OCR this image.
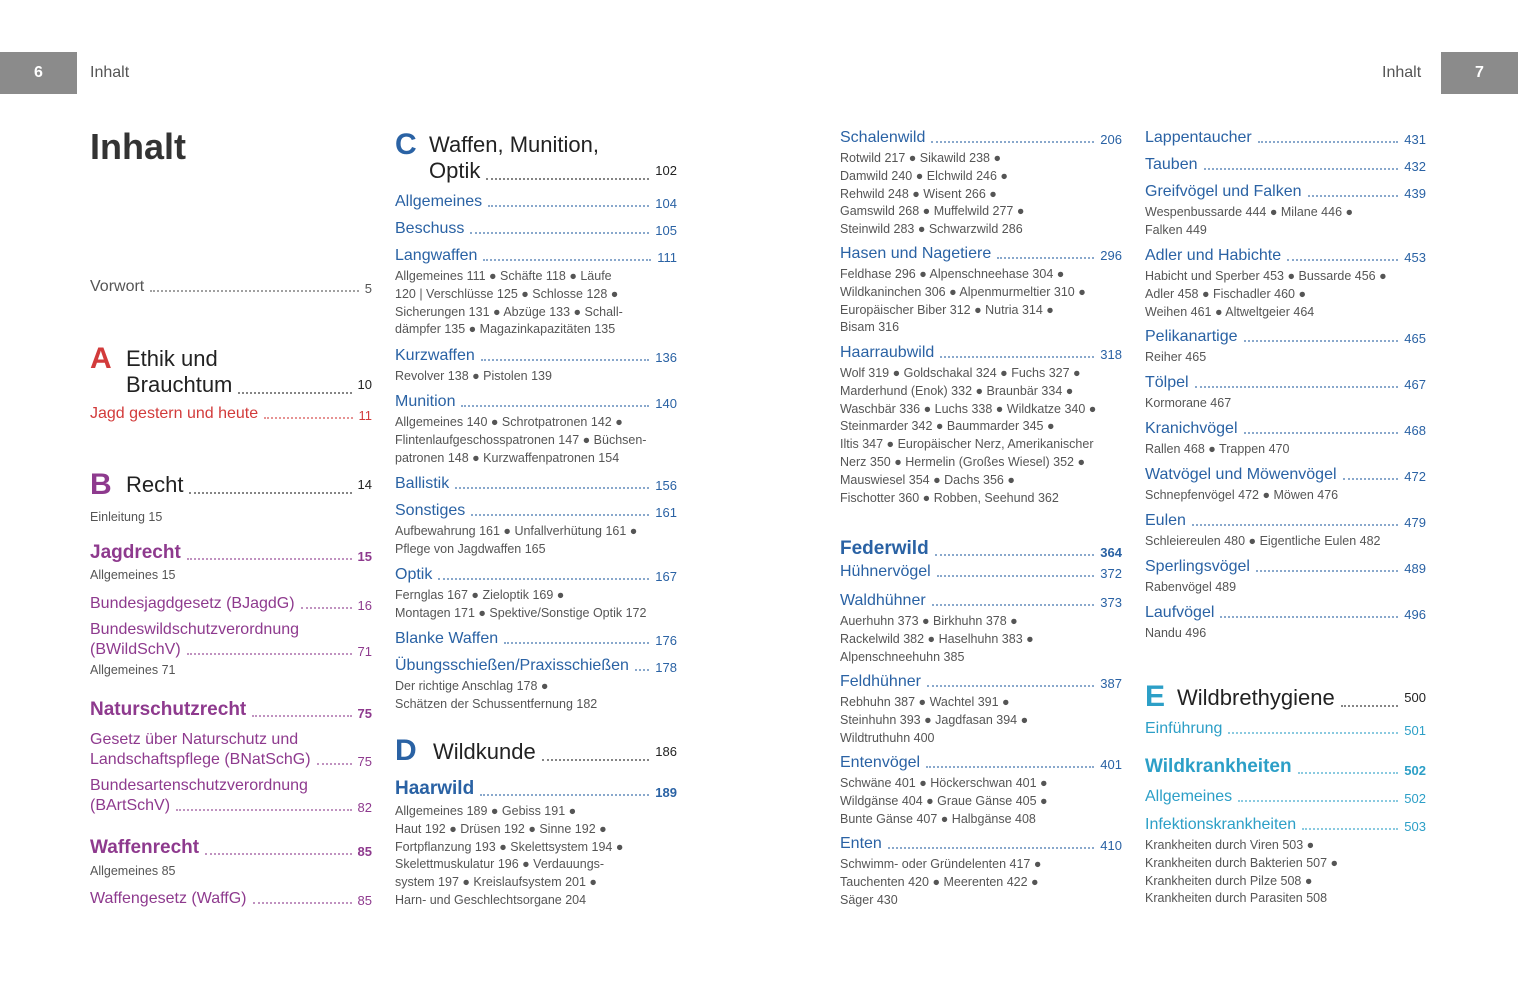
6	Inhalt	Inhalt	7
Inhalt
Vorwort	5
A Ethik und
Brauchtum	10
Jagd gestern und heute	11
B Recht	14
Einleitung 15
Jagdrecht	15
Allgemeines 15
Bundesjagdgesetz (BJagdG)	16
Bundeswildschutzverordnung
(BWildSchV)	71
Allgemeines 71
Naturschutzrecht	75
Gesetz über Naturschutz und
Landschaftspflege (BNatSchG)	75
Bundesartenschutzverordnung
(BArtSchV)	82
Waffenrecht	85
Allgemeines 85
Waffengesetz (WaffG)	85
C Waffen, Munition,
Optik	102
Allgemeines	104
Beschuss	105
Langwaffen	111
Allgemeines 111 ● Schäfte 118 ● Läufe
120 | Verschlüsse 125 ● Schlosse 128 ●
Sicherungen 131 ● Abzüge 133 ● Schall-
dämpfer 135 ● Magazinkapazitäten 135
Kurzwaffen	136
Revolver 138 ● Pistolen 139
Munition	140
Allgemeines 140 ● Schrotpatronen 142 ●
Flintenlaufgeschosspatronen 147 ● Büchsen-
patronen 148 ● Kurzwaffenpatronen 154
Ballistik	156
Sonstiges	161
Aufbewahrung 161 ● Unfallverhütung 161 ●
Pflege von Jagdwaffen 165
Optik	167
Fernglas 167 ● Zieloptik 169 ●
Montagen 171 ● Spektive/Sonstige Optik 172
Blanke Waffen	176
Übungsschießen/Praxisschießen 178
Der richtige Anschlag 178 ●
Schätzen der Schussentfernung 182
D Wildkunde	186
Haarwild	189
Allgemeines 189 ● Gebiss 191 ●
Haut 192 ● Drüsen 192 ● Sinne 192 ●
Fortpflanzung 193 ● Skelettsystem 194 ●
Skelettmuskulatur 196 ● Verdauungs-
system 197 ● Kreislaufsystem 201 ●
Harn- und Geschlechtsorgane 204
Schalenwild	206
Rotwild 217 ● Sikawild 238 ●
Damwild 240 ● Elchwild 246 ●
Rehwild 248 ● Wisent 266 ●
Gamswild 268 ● Muffelwild 277 ●
Steinwild 283 ● Schwarzwild 286
Hasen und Nagetiere	296
Feldhase 296 ● Alpenschneehase 304 ●
Wildkaninchen 306 ● Alpenmurmeltier 310 ●
Europäischer Biber 312 ● Nutria 314 ●
Bisam 316
Haarraubwild	318
Wolf 319 ● Goldschakal 324 ● Fuchs 327 ●
Marderhund (Enok) 332 ● Braunbär 334 ●
Waschbär 336 ● Luchs 338 ● Wildkatze 340 ●
Steinmarder 342 ● Baummarder 345 ●
Iltis 347 ● Europäischer Nerz, Amerikanischer
Nerz 350 ● Hermelin (Großes Wiesel) 352 ●
Mauswiesel 354 ● Dachs 356 ●
Fischotter 360 ● Robben, Seehund 362
Federwild	364
Hühnervögel	372
Waldhühner	373
Auerhuhn 373 ● Birkhuhn 378 ●
Rackelwild 382 ● Haselhuhn 383 ●
Alpenschneehuhn 385
Feldhühner	387
Rebhuhn 387 ● Wachtel 391 ●
Steinhuhn 393 ● Jagdfasan 394 ●
Wildtruthuhn 400
Entenvögel	401
Schwäne 401 ● Höckerschwan 401 ●
Wildgänse 404 ● Graue Gänse 405 ●
Bunte Gänse 407 ● Halbgänse 408
Enten	410
Schwimm- oder Gründelenten 417 ●
Tauchenten 420 ● Meerenten 422 ●
Säger 430
Lappentaucher	431
Tauben	432
Greifvögel und Falken	439
Wespenbussarde 444 ● Milane 446 ●
Falken 449
Adler und Habichte	453
Habicht und Sperber 453 ● Bussarde 456 ●
Adler 458 ● Fischadler 460 ●
Weihen 461 ● Altweltgeier 464
Pelikanartige	465
Reiher 465
Tölpel	467
Kormorane 467
Kranichvögel	468
Rallen 468 ● Trappen 470
Watvögel und Möwenvögel	472
Schnepfenvögel 472 ● Möwen 476
Eulen	479
Schleiereulen 480 ● Eigentliche Eulen 482
Sperlingsvögel	489
Rabenvögel 489
Laufvögel	496
Nandu 496
E Wildbrethygiene	500
Einführung	501
Wildkrankheiten	502
Allgemeines	502
Infektionskrankheiten	503
Krankheiten durch Viren 503 ●
Krankheiten durch Bakterien 507 ●
Krankheiten durch Pilze 508 ●
Krankheiten durch Parasiten 508
